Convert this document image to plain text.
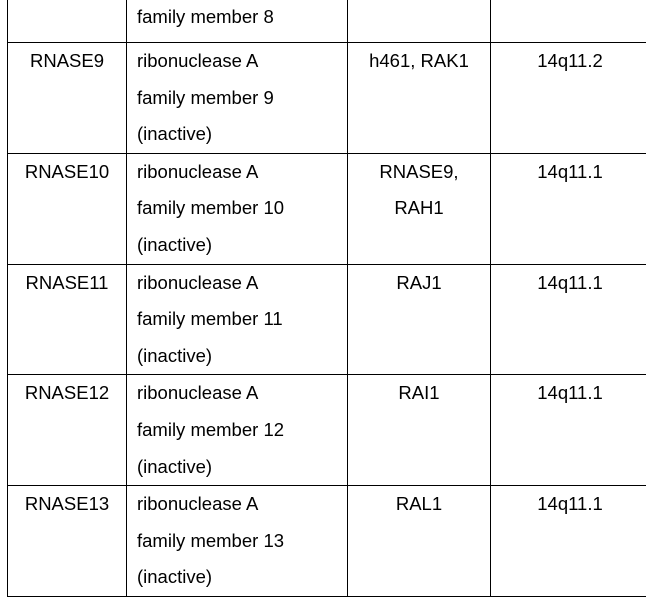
	family member 8		

RNASE9	ribonuclease A
family member 9
(inactive)	h461, RAK1	14q11.2

RNASE10	ribonuclease A
family member 10
(inactive)	RNASE9,
RAH1	14q11.1

RNASE11	ribonuclease A
family member 11
(inactive)	RAJ1	14q11.1

RNASE12	ribonuclease A
family member 12
(inactive)	RAI1	14q11.1

RNASE13	ribonuclease A
family member 13
(inactive)	RAL1	14q11.1
